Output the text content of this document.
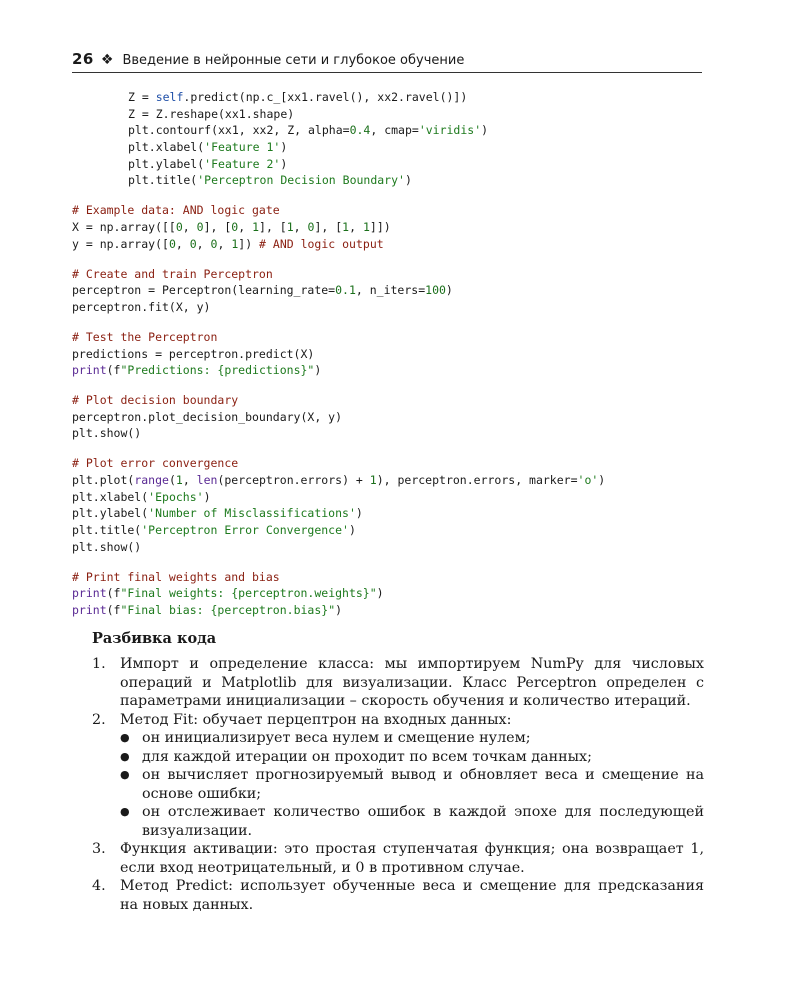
26 ❖ Введение в нейронные сети и глубокое обучение
Z = self.predict(np.c_[xx1.ravel(), xx2.ravel()])
Z = Z.reshape(xx1.shape)
plt.contourf(xx1, xx2, Z, alpha=0.4, cmap='viridis')
plt.xlabel('Feature 1')
plt.ylabel('Feature 2')
plt.title('Perceptron Decision Boundary')
# Example data: AND logic gate
X = np.array([[0, 0], [0, 1], [1, 0], [1, 1]])
y = np.array([0, 0, 0, 1]) # AND logic output
# Create and train Perceptron
perceptron = Perceptron(learning_rate=0.1, n_iters=100)
perceptron.fit(X, y)
# Test the Perceptron
predictions = perceptron.predict(X)
print(f"Predictions: {predictions}")
# Plot decision boundary
perceptron.plot_decision_boundary(X, y)
plt.show()
# Plot error convergence
plt.plot(range(1, len(perceptron.errors) + 1), perceptron.errors, marker='o')
plt.xlabel('Epochs')
plt.ylabel('Number of Misclassifications')
plt.title('Perceptron Error Convergence')
plt.show()
# Print final weights and bias
print(f"Final weights: {perceptron.weights}")
print(f"Final bias: {perceptron.bias}")
Разбивка кода
1.	Импорт и определение класса: мы импортируем NumPy для числовых операций и Matplotlib для визуализации. Класс Perceptron определен с параметрами инициализации – скорость обучения и количество итераций.
2.	Метод Fit: обучает перцептрон на входных данных:
● он инициализирует веса нулем и смещение нулем;
● для каждой итерации он проходит по всем точкам данных;
● он вычисляет прогнозируемый вывод и обновляет веса и смещение на основе ошибки;
● он отслеживает количество ошибок в каждой эпохе для последующей визуализации.
3.	Функция активации: это простая ступенчатая функция; она возвращает 1, если вход неотрицательный, и 0 в противном случае.
4.	Метод Predict: использует обученные веса и смещение для предсказания на новых данных.
